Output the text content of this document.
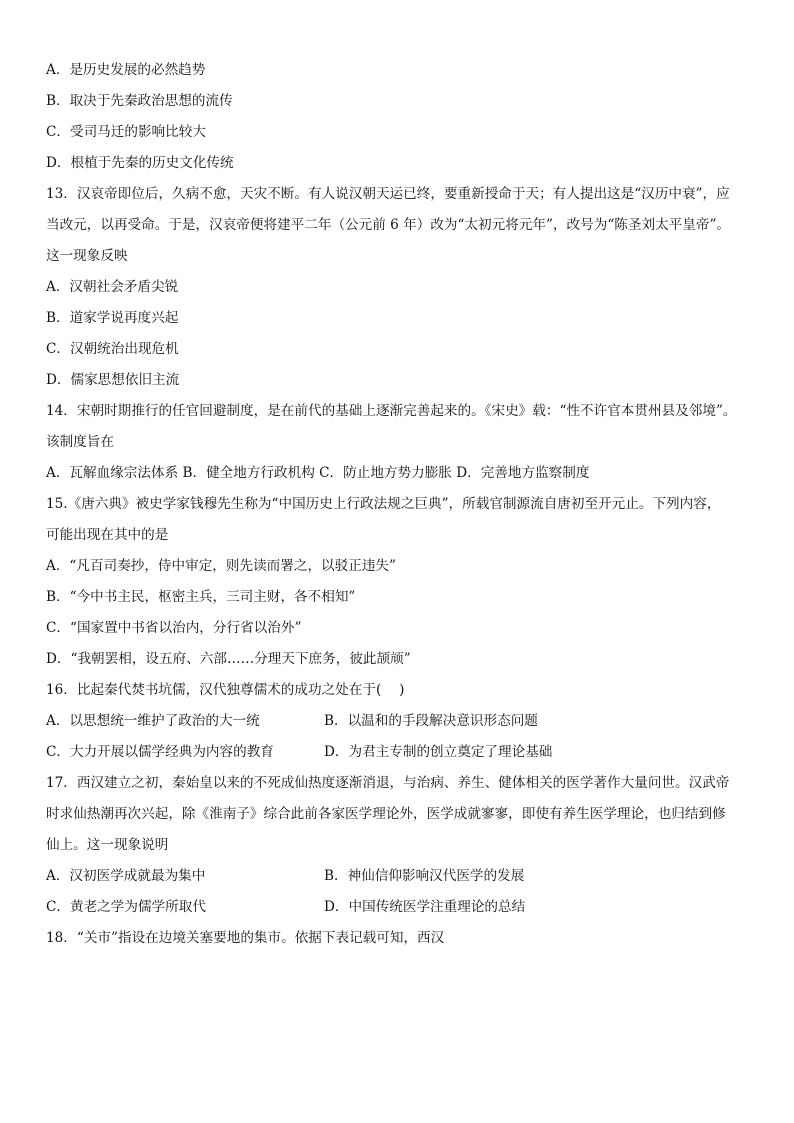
A．是历史发展的必然趋势
B．取决于先秦政治思想的流传
C．受司马迁的影响比较大
D．根植于先秦的历史文化传统
13．汉哀帝即位后，久病不愈，天灾不断。有人说汉朝天运已终，要重新授命于天；有人提出这是“汉历中衰”，应
当改元，以再受命。于是，汉哀帝便将建平二年（公元前 6 年）改为“太初元将元年”，改号为“陈圣刘太平皇帝”。
这一现象反映
A．汉朝社会矛盾尖锐
B．道家学说再度兴起
C．汉朝统治出现危机
D．儒家思想依旧主流
14．宋朝时期推行的任官回避制度，是在前代的基础上逐渐完善起来的。《宋史》载：“性不许官本贯州县及邻境”。
该制度旨在
A．瓦解血缘宗法体系 B．健全地方行政机构 C．防止地方势力膨胀 D．完善地方监察制度
15.《唐六典》被史学家钱穆先生称为“中国历史上行政法规之巨典”，所载官制源流自唐初至开元止。下列内容，
可能出现在其中的是
A．“凡百司奏抄，侍中审定，则先读而署之，以驳正违失”
B．“今中书主民，枢密主兵，三司主财，各不相知”
C．“国家置中书省以治内，分行省以治外”
D．“我朝罢相，设五府、六部……分理天下庶务，彼此颉颃”
16．比起秦代焚书坑儒，汉代独尊儒术的成功之处在于(　 )
A．以思想统一维护了政治的大一统	B．以温和的手段解决意识形态问题
C．大力开展以儒学经典为内容的教育	D．为君主专制的创立奠定了理论基础
17．西汉建立之初，秦始皇以来的不死成仙热度逐渐消退，与治病、养生、健体相关的医学著作大量问世。汉武帝
时求仙热潮再次兴起，除《淮南子》综合此前各家医学理论外，医学成就寥寥，即使有养生医学理论，也归结到修
仙上。这一现象说明
A．汉初医学成就最为集中	B．神仙信仰影响汉代医学的发展
C．黄老之学为儒学所取代	D．中国传统医学注重理论的总结
18．“关市”指设在边境关塞要地的集市。依据下表记载可知，西汉
